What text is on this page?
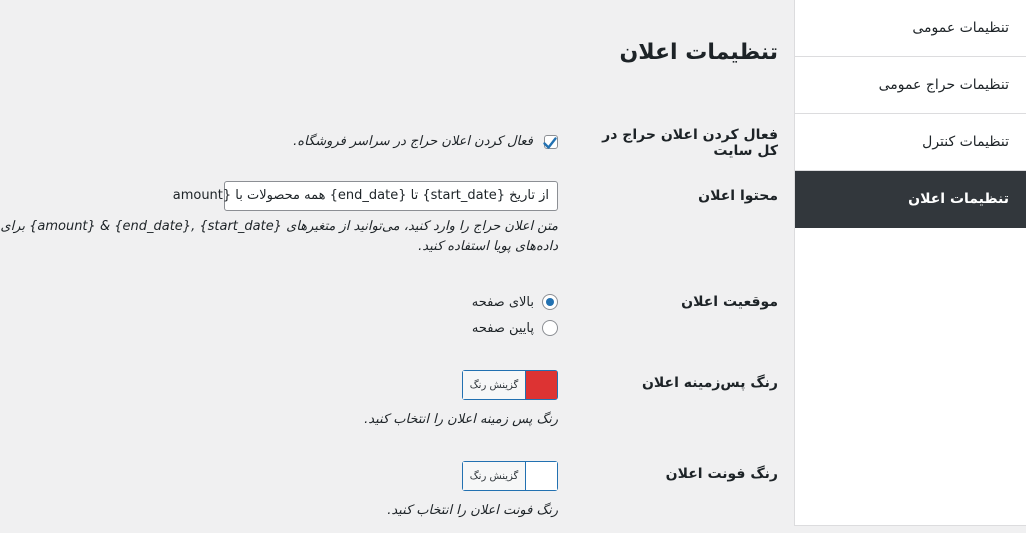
تنظیمات عمومی
تنظیمات حراج عمومی
تنظیمات کنترل
تنظیمات اعلان
تنظیمات اعلان
فعال کردن اعلان حراج در کل سایت
فعال کردن اعلان حراج در سراسر فروشگاه.
محتوا اعلان
از تاریخ {start_date} تا {end_date} همه محصولات با {amount
متن اعلان حراج را وارد کنید، می‌توانید از متغیرهای {start_date} ,{end_date} & {amount} برای
داده‌های پویا استفاده کنید.
موقعیت اعلان
بالای صفحه
پایین صفحه
رنگ پس‌زمینه اعلان
گزینش رنگ
رنگ پس زمینه اعلان را انتخاب کنید.
رنگ فونت اعلان
گزینش رنگ
رنگ فونت اعلان را انتخاب کنید.
